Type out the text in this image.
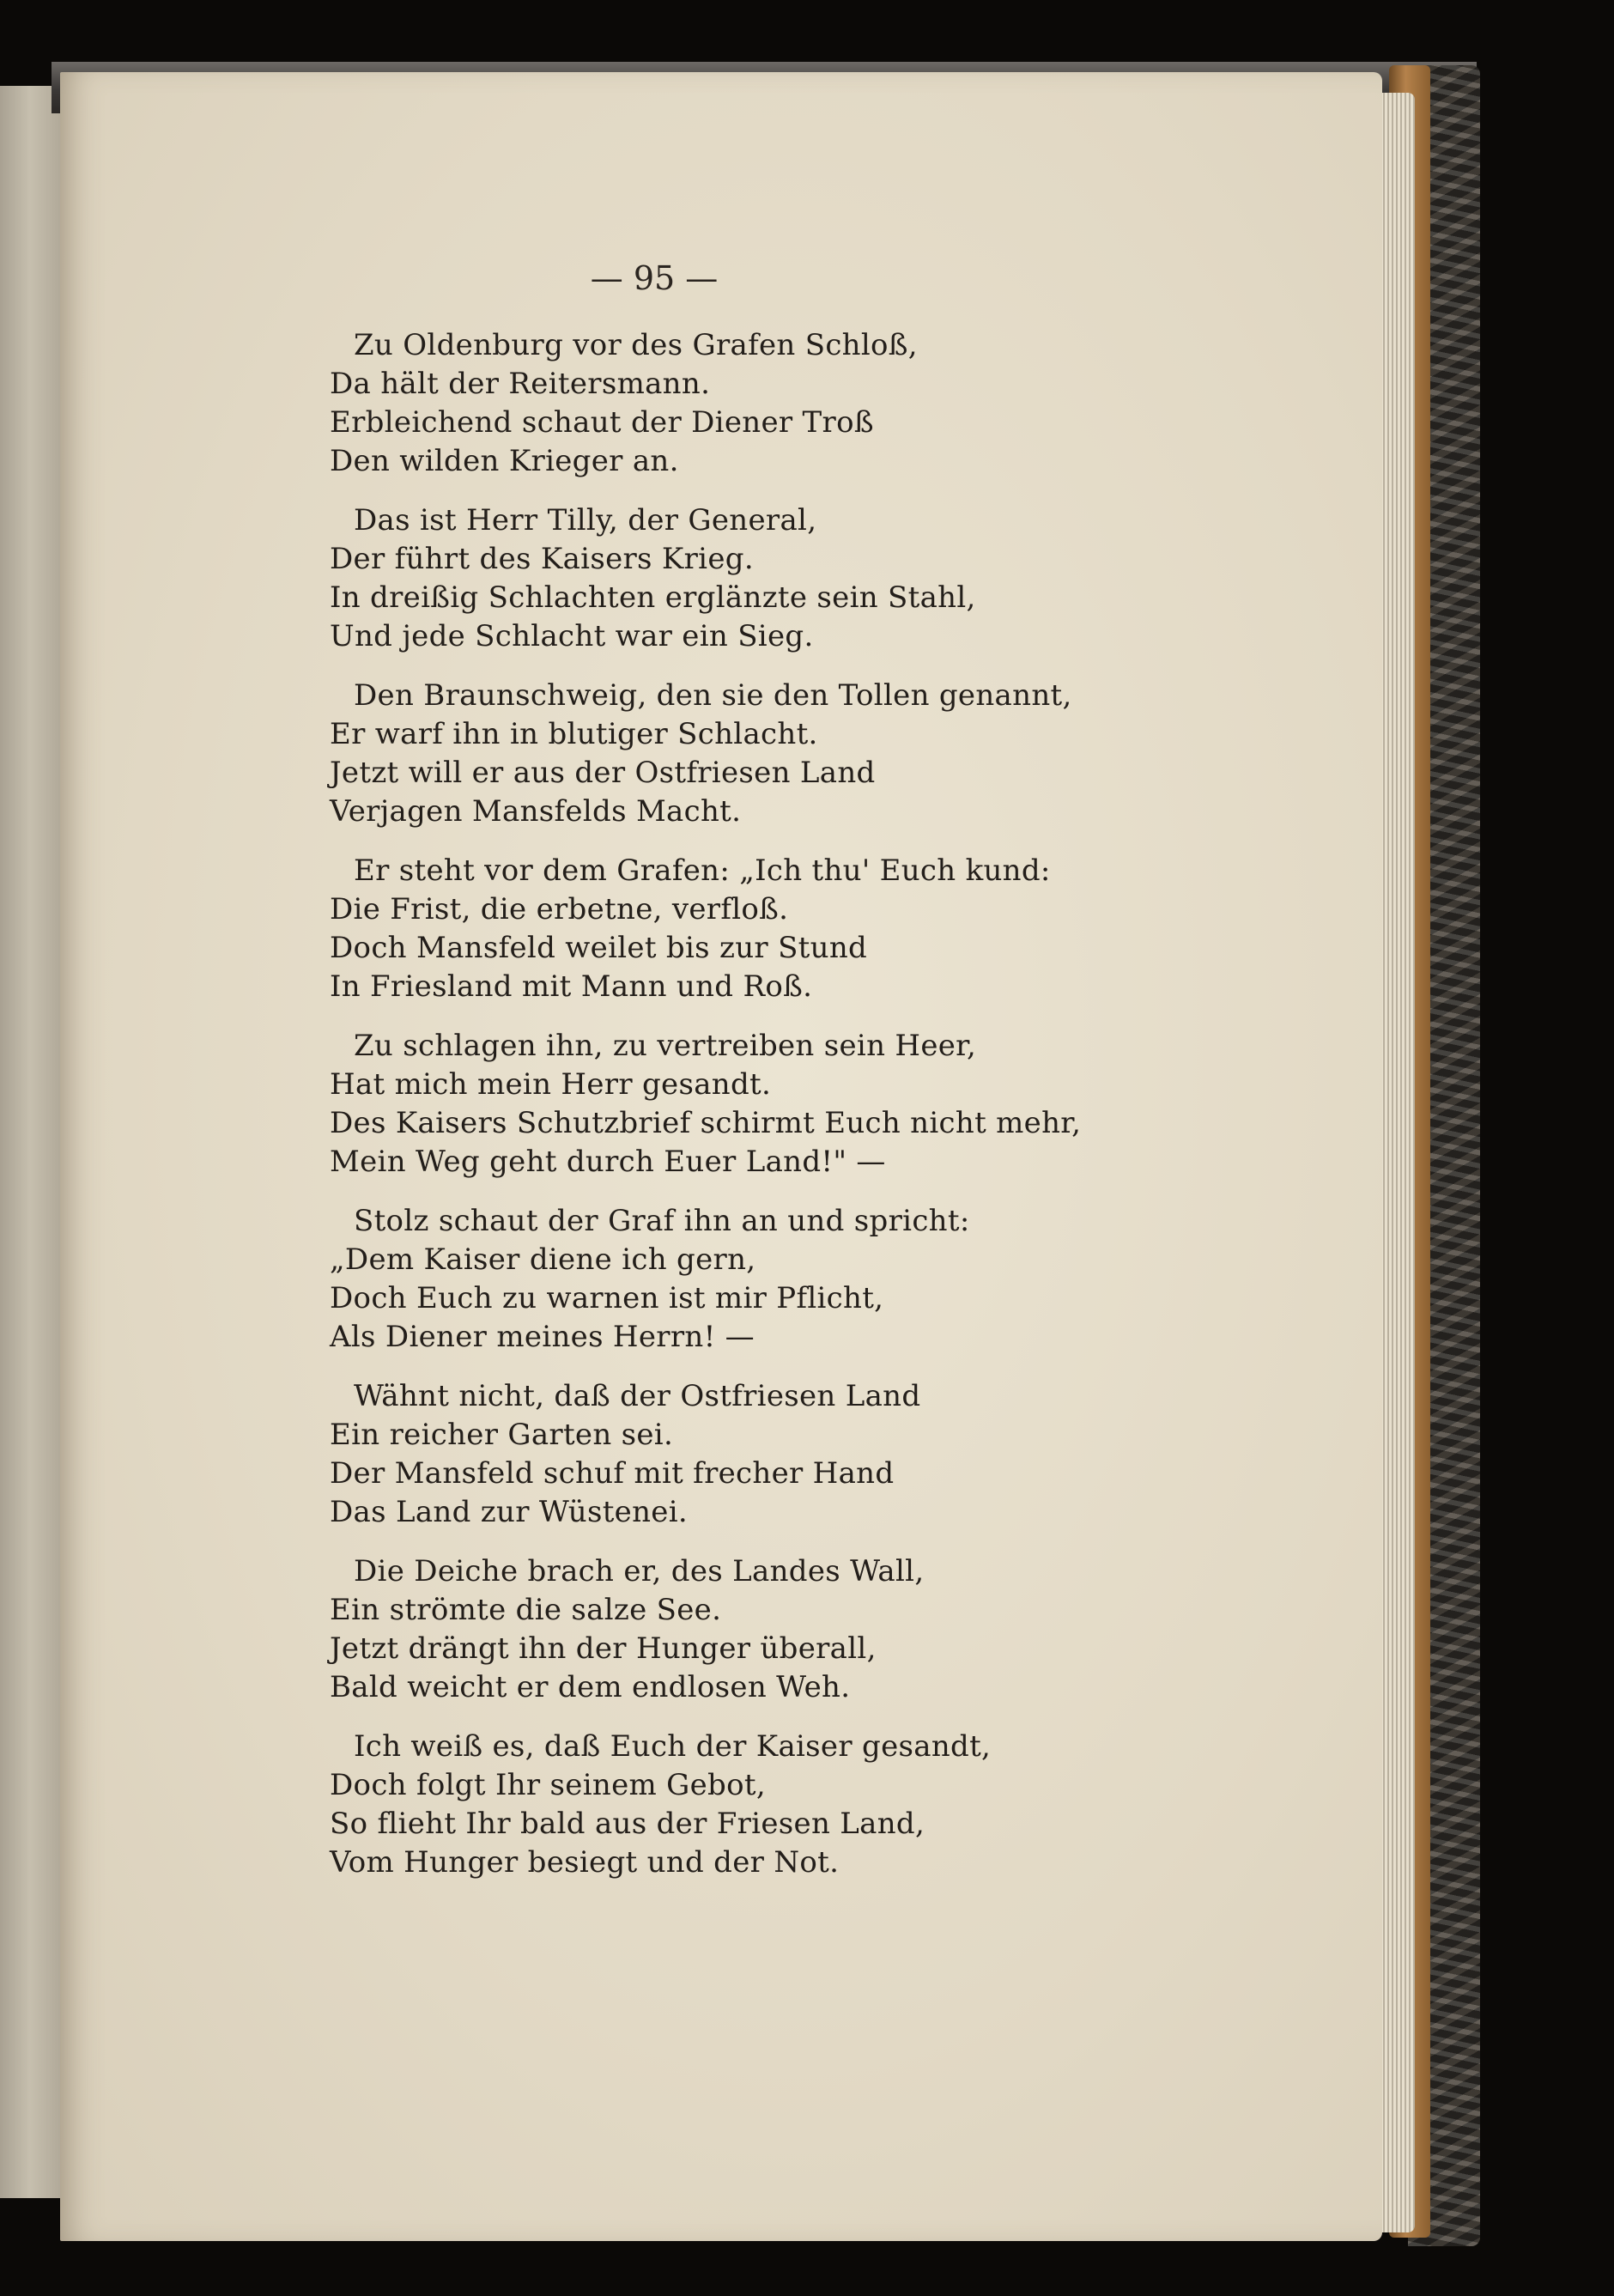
— 95 —
Zu Oldenburg vor des Grafen Schloß,
Da hält der Reitersmann.
Erbleichend schaut der Diener Troß
Den wilden Krieger an.
Das ist Herr Tilly, der General,
Der führt des Kaisers Krieg.
In dreißig Schlachten erglänzte sein Stahl,
Und jede Schlacht war ein Sieg.
Den Braunschweig, den sie den Tollen genannt,
Er warf ihn in blutiger Schlacht.
Jetzt will er aus der Ostfriesen Land
Verjagen Mansfelds Macht.
Er steht vor dem Grafen: „Ich thu' Euch kund:
Die Frist, die erbetne, verfloß.
Doch Mansfeld weilet bis zur Stund
In Friesland mit Mann und Roß.
Zu schlagen ihn, zu vertreiben sein Heer,
Hat mich mein Herr gesandt.
Des Kaisers Schutzbrief schirmt Euch nicht mehr,
Mein Weg geht durch Euer Land!" —
Stolz schaut der Graf ihn an und spricht:
„Dem Kaiser diene ich gern,
Doch Euch zu warnen ist mir Pflicht,
Als Diener meines Herrn! —
Wähnt nicht, daß der Ostfriesen Land
Ein reicher Garten sei.
Der Mansfeld schuf mit frecher Hand
Das Land zur Wüstenei.
Die Deiche brach er, des Landes Wall,
Ein strömte die salze See.
Jetzt drängt ihn der Hunger überall,
Bald weicht er dem endlosen Weh.
Ich weiß es, daß Euch der Kaiser gesandt,
Doch folgt Ihr seinem Gebot,
So flieht Ihr bald aus der Friesen Land,
Vom Hunger besiegt und der Not.
